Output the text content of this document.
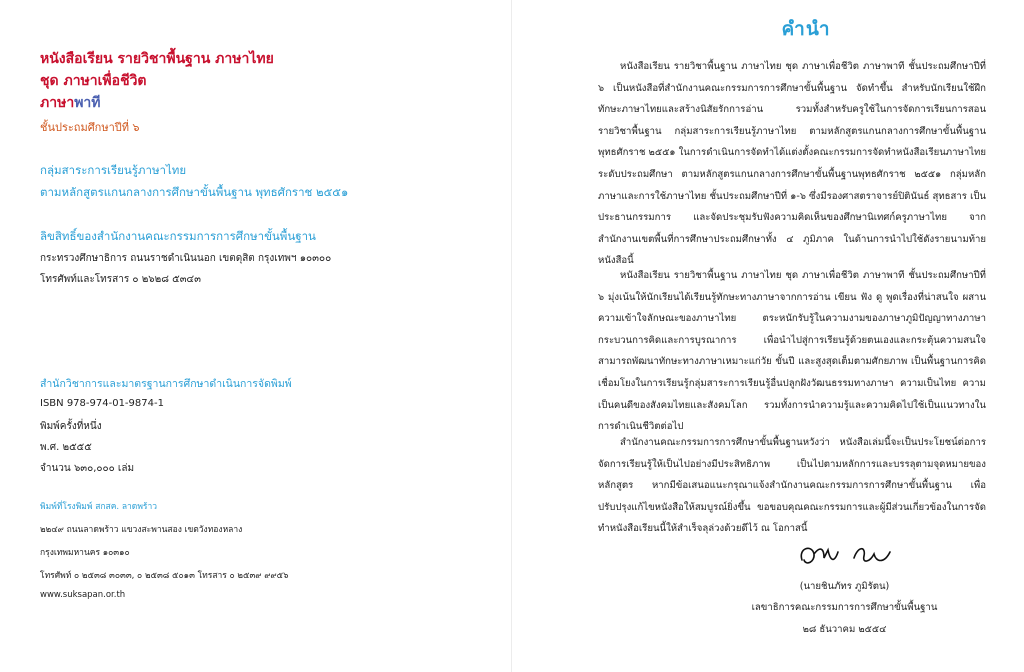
หนังสือเรียน รายวิชาพื้นฐาน ภาษาไทย
ชุด ภาษาเพื่อชีวิต
ภาษาพาที
ชั้นประถมศึกษาปีที่ ๖
กลุ่มสาระการเรียนรู้ภาษาไทย
ตามหลักสูตรแกนกลางการศึกษาขั้นพื้นฐาน พุทธศักราช ๒๕๕๑
ลิขสิทธิ์ของสำนักงานคณะกรรมการการศึกษาขั้นพื้นฐาน
กระทรวงศึกษาธิการ ถนนราชดำเนินนอก เขตดุสิต กรุงเทพฯ ๑๐๓๐๐
โทรศัพท์และโทรสาร ๐ ๒๖๒๘ ๕๓๔๓
สำนักวิชาการและมาตรฐานการศึกษาดำเนินการจัดพิมพ์
ISBN 978-974-01-9874-1
พิมพ์ครั้งที่หนึ่ง
พ.ศ. ๒๕๕๕
จำนวน ๖๓๐,๐๐๐ เล่ม
พิมพ์ที่โรงพิมพ์ สกสค. ลาดพร้าว
๒๒๔๙ ถนนลาดพร้าว แขวงสะพานสอง เขตวังทองหลาง
กรุงเทพมหานคร ๑๐๓๑๐
โทรศัพท์ ๐ ๒๕๓๘ ๓๐๓๓, ๐ ๒๕๓๘ ๕๐๑๓ โทรสาร ๐ ๒๕๓๙ ๙๙๕๖
www.suksapan.or.th
คำนำ
หนังสือเรียน รายวิชาพื้นฐาน ภาษาไทย ชุด ภาษาเพื่อชีวิต ภาษาพาที ชั้นประถมศึกษาปีที่ ๖ เป็นหนังสือที่สำนักงานคณะกรรมการการศึกษาขั้นพื้นฐาน จัดทำขึ้น สำหรับนักเรียนใช้ฝึกทักษะภาษาไทยและสร้างนิสัยรักการอ่าน รวมทั้งสำหรับครูใช้ในการจัดการเรียนการสอนรายวิชาพื้นฐาน กลุ่มสาระการเรียนรู้ภาษาไทย ตามหลักสูตรแกนกลางการศึกษาขั้นพื้นฐาน พุทธศักราช ๒๕๕๑ ในการดำเนินการจัดทำได้แต่งตั้งคณะกรรมการจัดทำหนังสือเรียนภาษาไทย ระดับประถมศึกษา ตามหลักสูตรแกนกลางการศึกษาขั้นพื้นฐานพุทธศักราช ๒๕๕๑ กลุ่มหลักภาษาและการใช้ภาษาไทย ชั้นประถมศึกษาปีที่ ๑-๖ ซึ่งมีรองศาสตราจารย์ปิตินันธ์ สุทธสาร เป็นประธานกรรมการ และจัดประชุมรับฟังความคิดเห็นของศึกษานิเทศก์ครูภาษาไทย จากสำนักงานเขตพื้นที่การศึกษาประถมศึกษาทั้ง ๔ ภูมิภาค ในด้านการนำไปใช้ดังรายนามท้ายหนังสือนี้
หนังสือเรียน รายวิชาพื้นฐาน ภาษาไทย ชุด ภาษาเพื่อชีวิต ภาษาพาที ชั้นประถมศึกษาปีที่ ๖ มุ่งเน้นให้นักเรียนได้เรียนรู้ทักษะทางภาษาจากการอ่าน เขียน ฟัง ดู พูดเรื่องที่น่าสนใจ ผสานความเข้าใจลักษณะของภาษาไทย ตระหนักรับรู้ในความงามของภาษาภูมิปัญญาทางภาษา กระบวนการคิดและการบูรณาการ เพื่อนำไปสู่การเรียนรู้ด้วยตนเองและกระตุ้นความสนใจ สามารถพัฒนาทักษะทางภาษาเหมาะแก่วัย ขั้นปี และสูงสุดเต็มตามศักยภาพ เป็นพื้นฐานการคิดเชื่อมโยงในการเรียนรู้กลุ่มสาระการเรียนรู้อื่นปลูกฝังวัฒนธรรมทางภาษา ความเป็นไทย ความเป็นคนดีของสังคมไทยและสังคมโลก รวมทั้งการนำความรู้และความคิดไปใช้เป็นแนวทางในการดำเนินชีวิตต่อไป
สำนักงานคณะกรรมการการศึกษาขั้นพื้นฐานหวังว่า หนังสือเล่มนี้จะเป็นประโยชน์ต่อการจัดการเรียนรู้ให้เป็นไปอย่างมีประสิทธิภาพ เป็นไปตามหลักการและบรรลุตามจุดหมายของหลักสูตร หากมีข้อเสนอแนะกรุณาแจ้งสำนักงานคณะกรรมการการศึกษาขั้นพื้นฐาน เพื่อปรับปรุงแก้ไขหนังสือให้สมบูรณ์ยิ่งขึ้น ขอขอบคุณคณะกรรมการและผู้มีส่วนเกี่ยวข้องในการจัดทำหนังสือเรียนนี้ให้สำเร็จลุล่วงด้วยดีไว้ ณ โอกาสนี้
(นายชินภัทร ภูมิรัตน)
เลขาธิการคณะกรรมการการศึกษาขั้นพื้นฐาน
๒๘ ธันวาคม ๒๕๕๔
